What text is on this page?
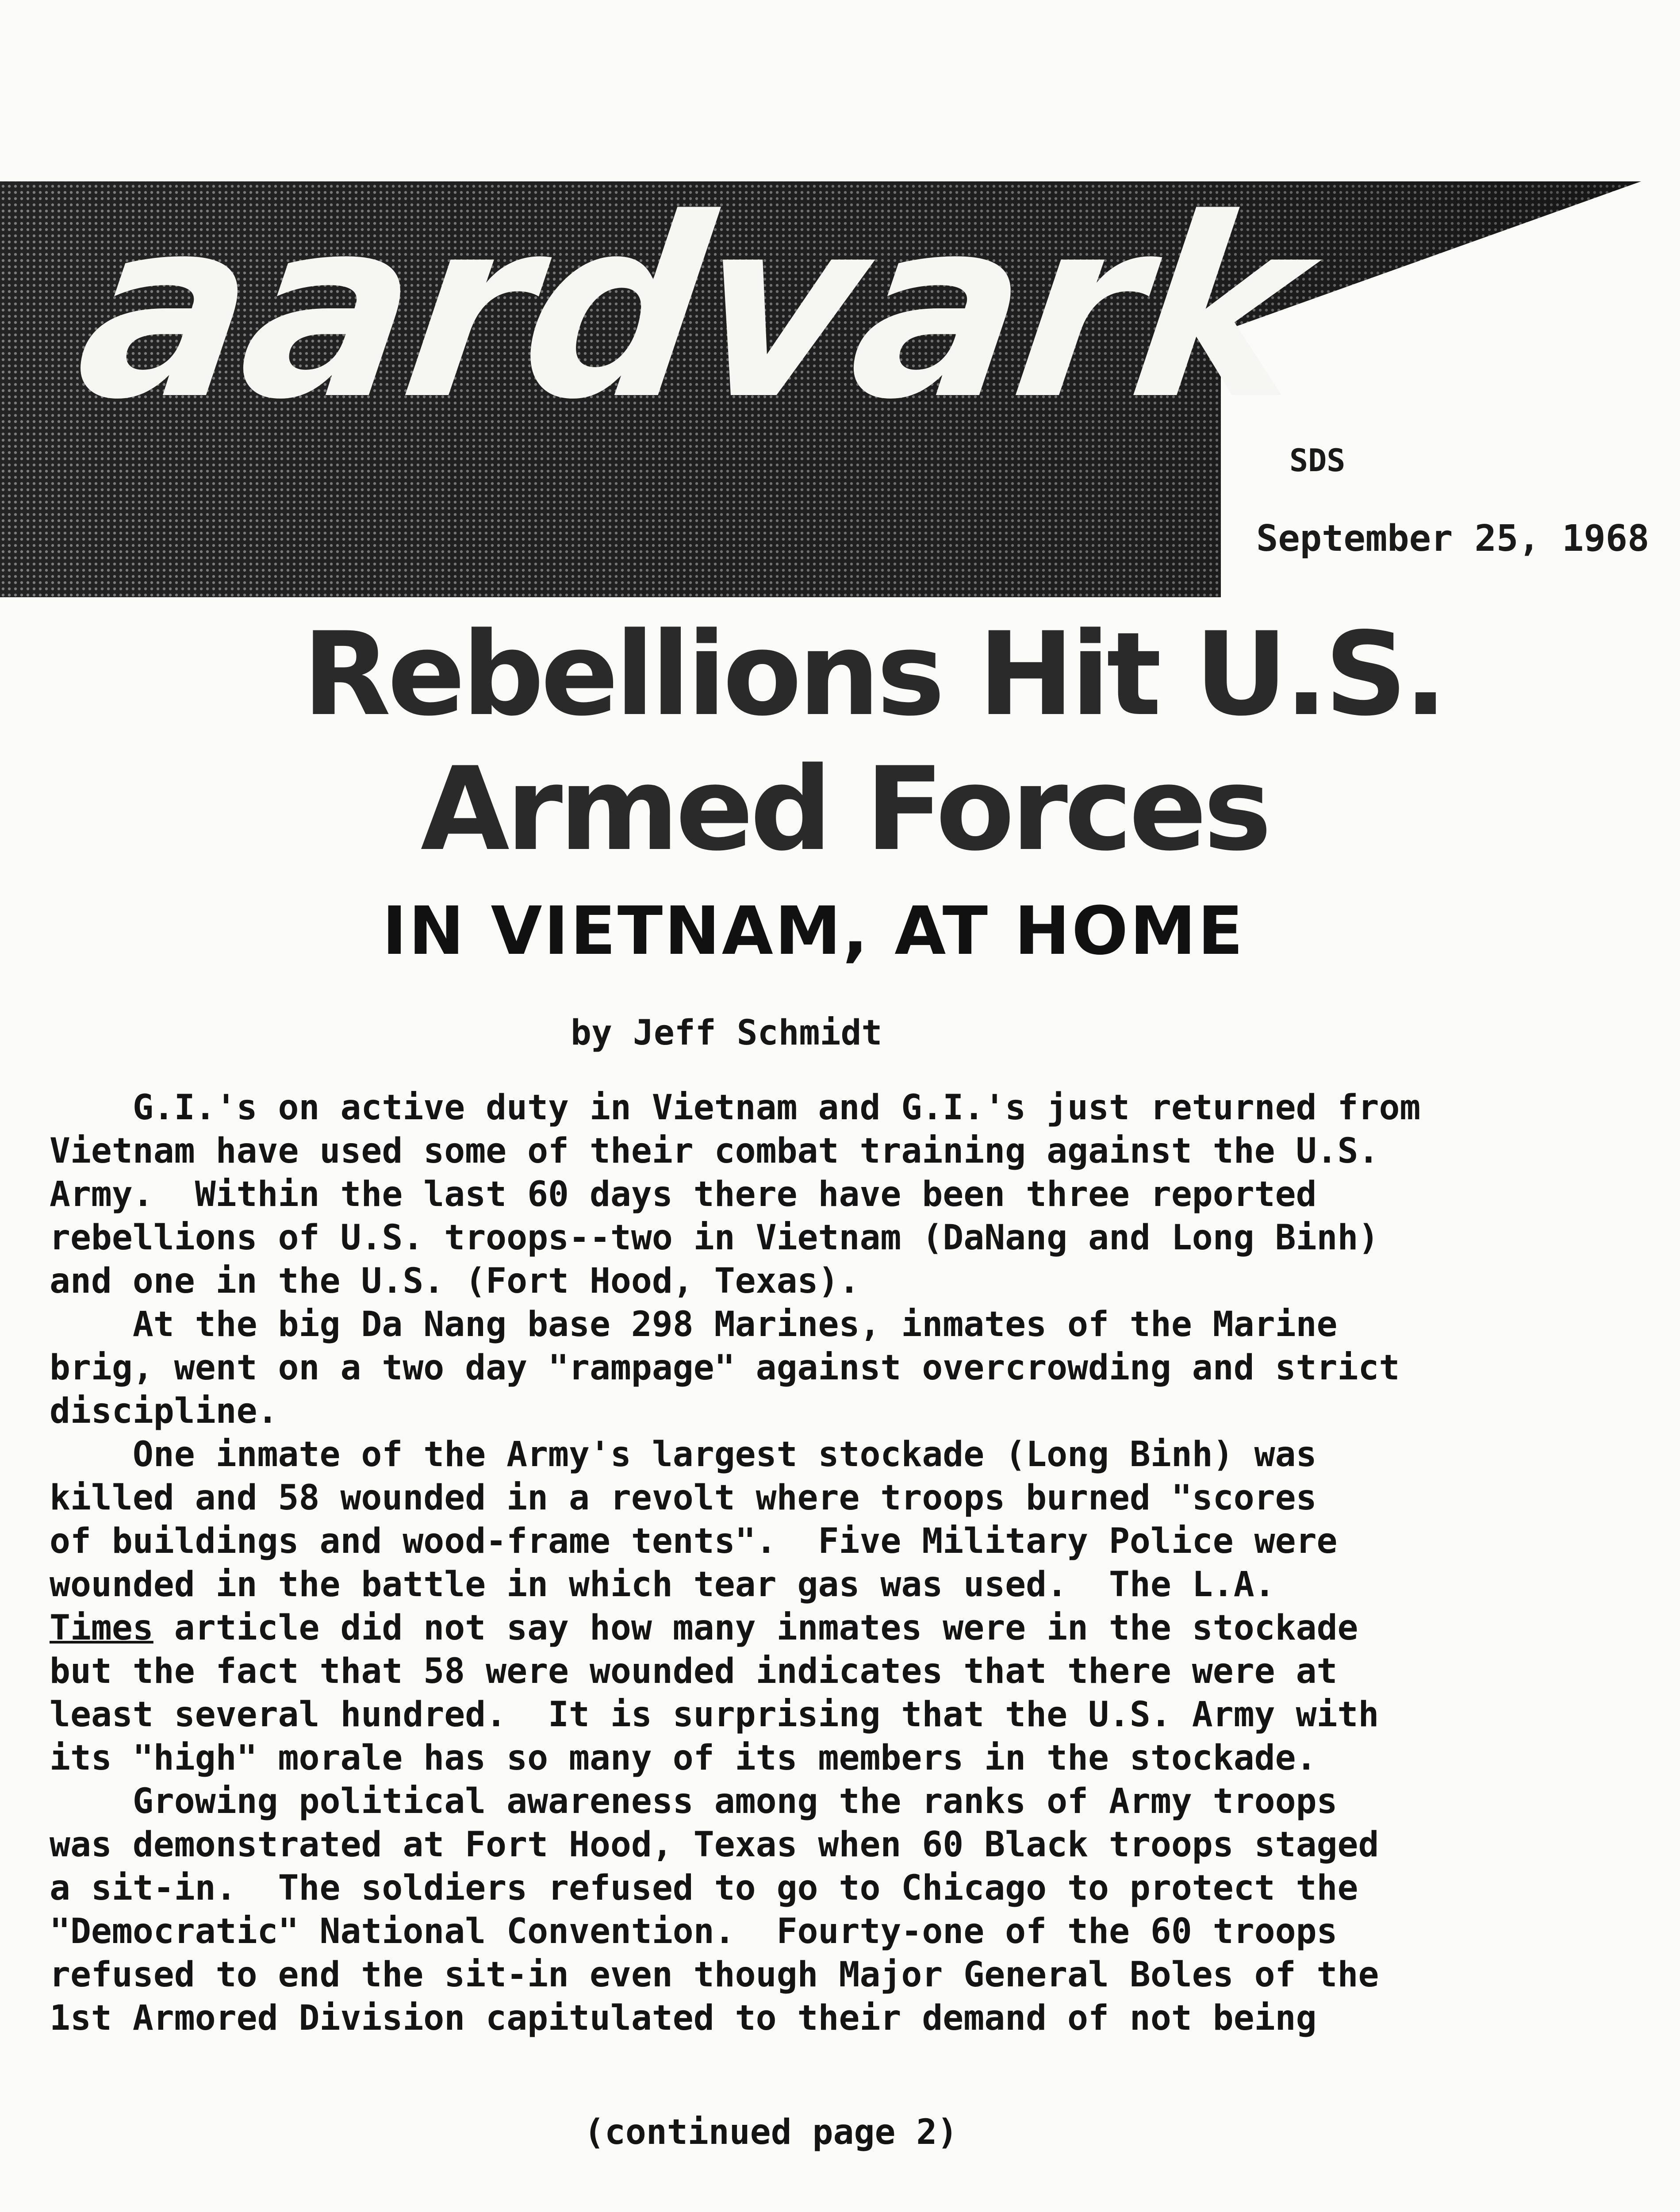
aardvark
SDS
September 25, 1968
Rebellions Hit U.S.
Armed Forces
IN VIETNAM, AT HOME
by Jeff Schmidt

G.I.'s on active duty in Vietnam and G.I.'s just returned from

Vietnam have used some of their combat training against the U.S.

Army.  Within the last 60 days there have been three reported

rebellions of U.S. troops--two in Vietnam (DaNang and Long Binh)

and one in the U.S. (Fort Hood, Texas).

At the big Da Nang base 298 Marines, inmates of the Marine

brig, went on a two day "rampage" against overcrowding and strict

discipline.

One inmate of the Army's largest stockade (Long Binh) was

killed and 58 wounded in a revolt where troops burned "scores

of buildings and wood-frame tents".  Five Military Police were

wounded in the battle in which tear gas was used.  The L.A.

Times article did not say how many inmates were in the stockade

but the fact that 58 were wounded indicates that there were at

least several hundred.  It is surprising that the U.S. Army with

its "high" morale has so many of its members in the stockade.

Growing political awareness among the ranks of Army troops

was demonstrated at Fort Hood, Texas when 60 Black troops staged

a sit-in.  The soldiers refused to go to Chicago to protect the

"Democratic" National Convention.  Fourty-one of the 60 troops

refused to end the sit-in even though Major General Boles of the

1st Armored Division capitulated to their demand of not being

(continued page 2)
